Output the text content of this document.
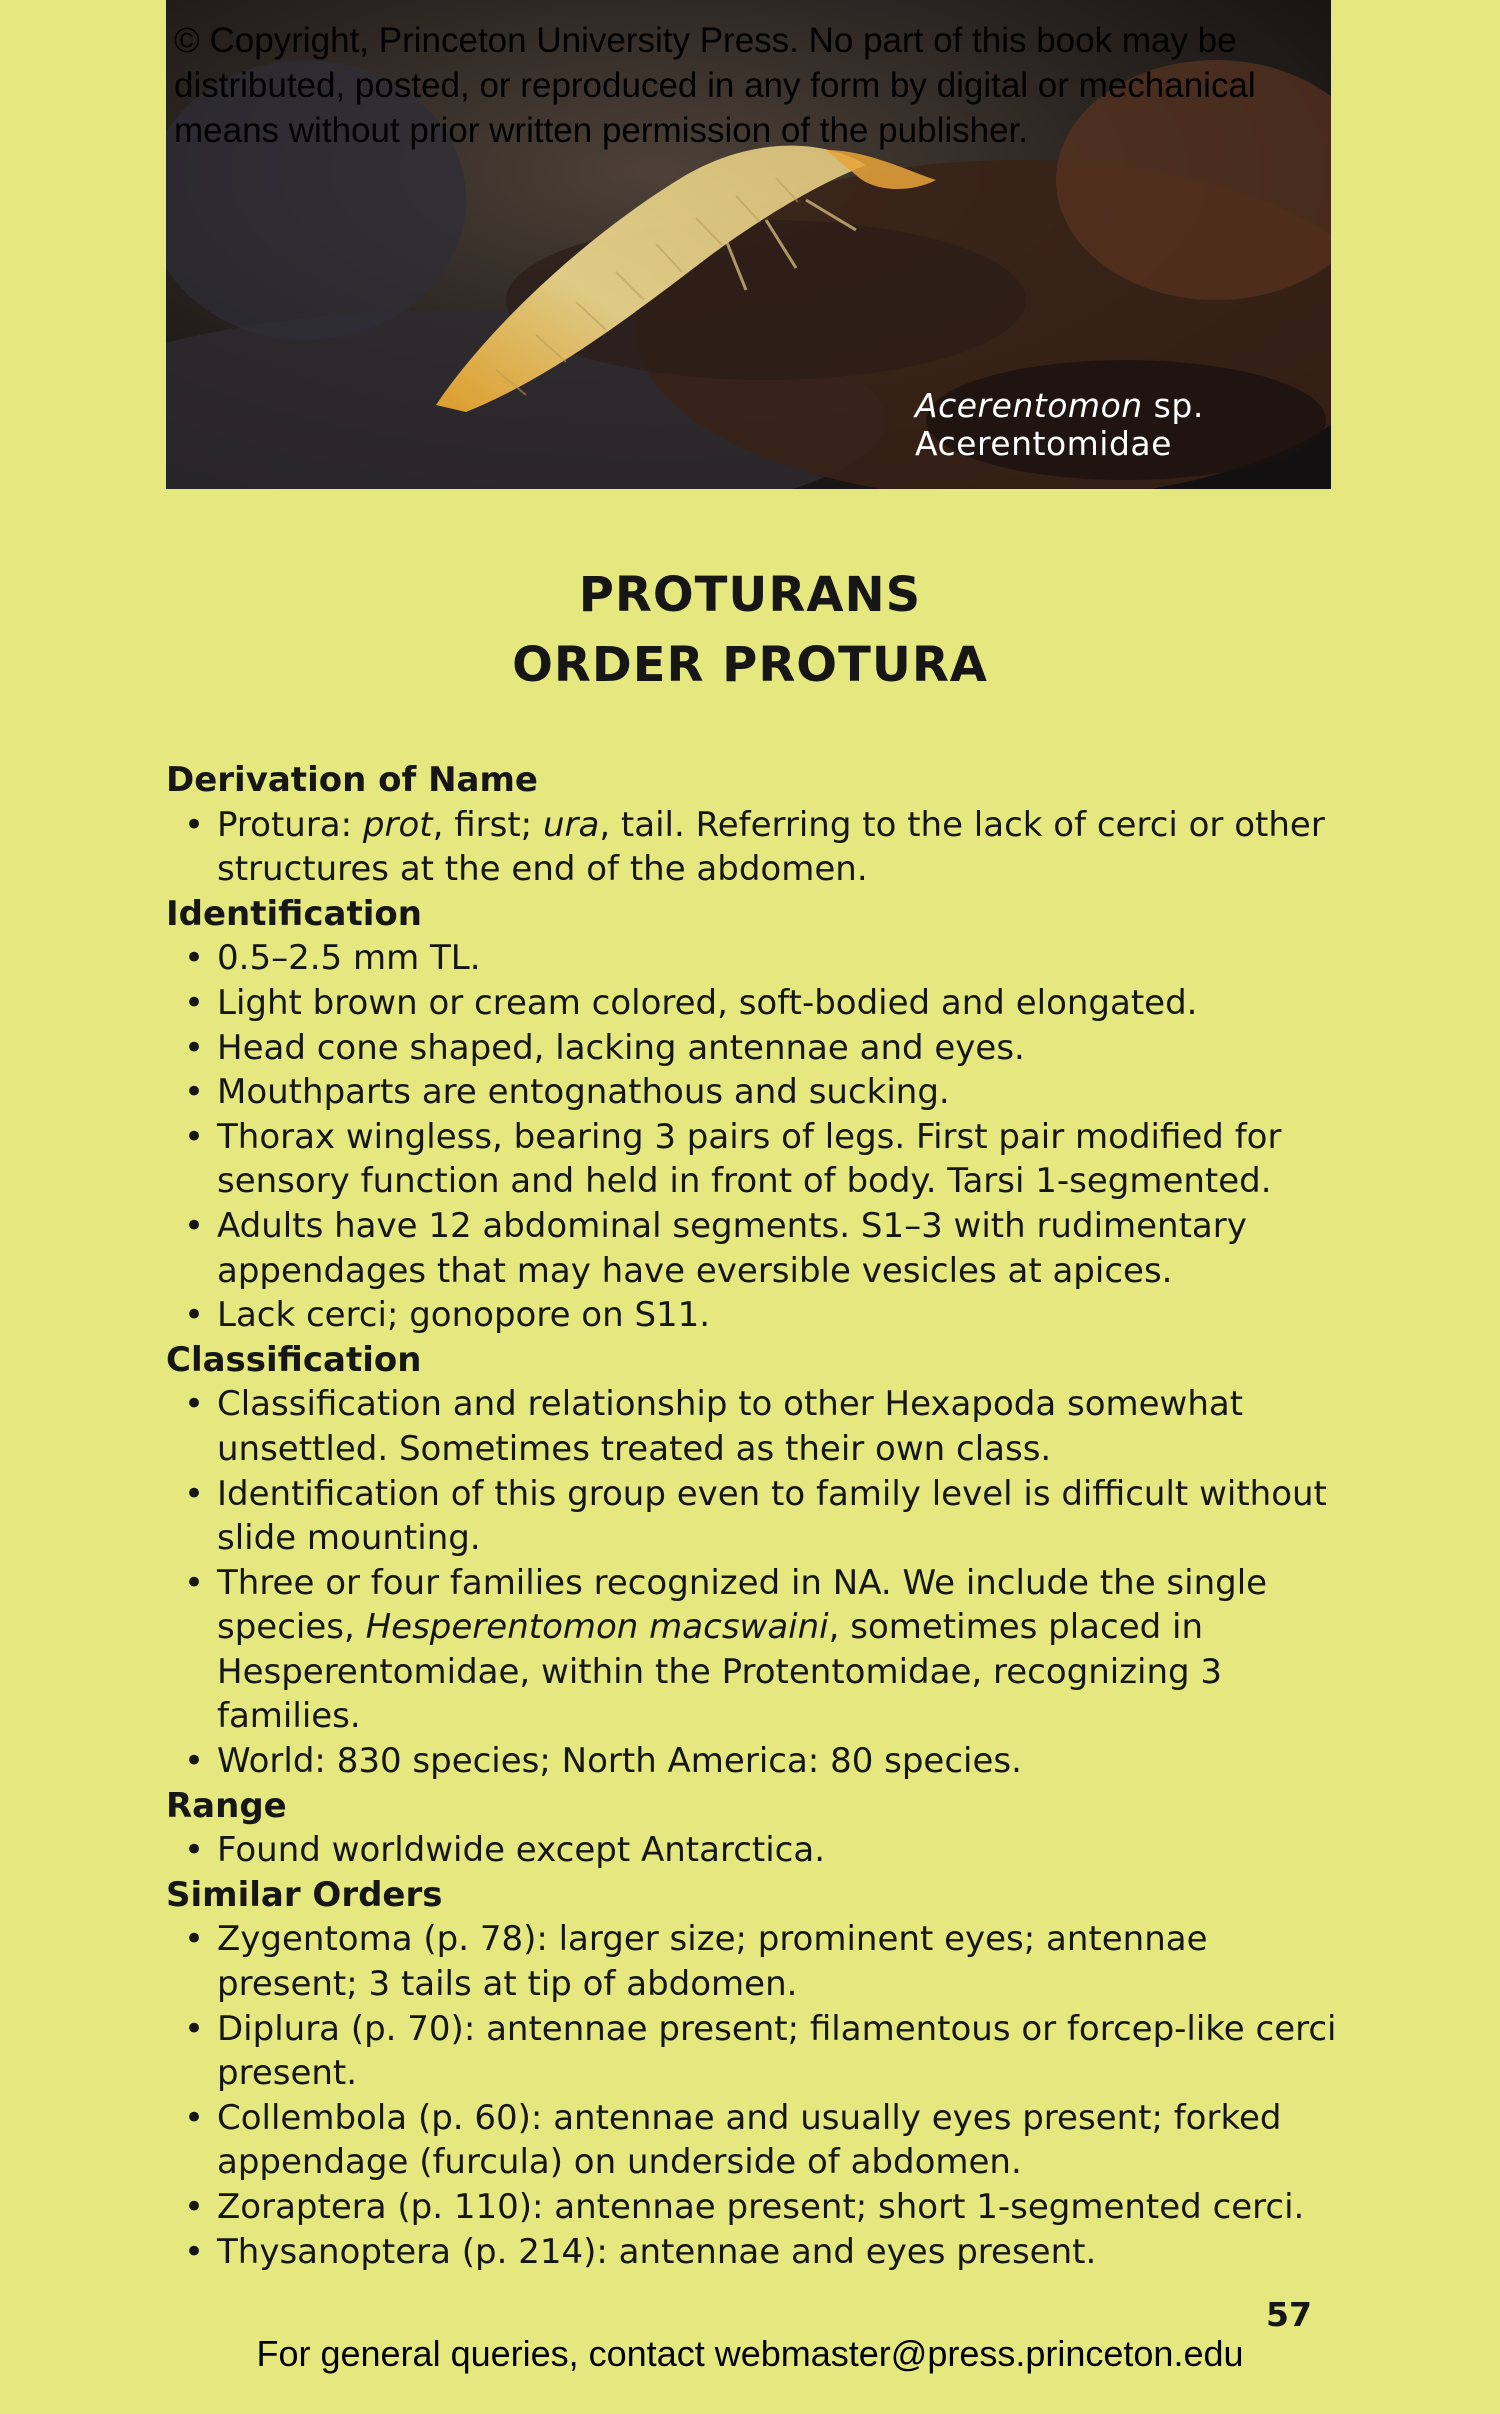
© Copyright, Princeton University Press. No part of this book may be distributed, posted, or reproduced in any form by digital or mechanical means without prior written permission of the publisher.
Acerentomon sp.
Acerentomidae
PROTURANS
ORDER PROTURA
Derivation of Name
• Protura: prot, first; ura, tail. Referring to the lack of cerci or other structures at the end of the abdomen.
Identification
• 0.5–2.5 mm TL.
• Light brown or cream colored, soft-bodied and elongated.
• Head cone shaped, lacking antennae and eyes.
• Mouthparts are entognathous and sucking.
• Thorax wingless, bearing 3 pairs of legs. First pair modified for sensory function and held in front of body. Tarsi 1-segmented.
• Adults have 12 abdominal segments. S1–3 with rudimentary appendages that may have eversible vesicles at apices.
• Lack cerci; gonopore on S11.
Classification
• Classification and relationship to other Hexapoda somewhat unsettled. Sometimes treated as their own class.
• Identification of this group even to family level is difficult without slide mounting.
• Three or four families recognized in NA. We include the single species, Hesperentomon macswaini, sometimes placed in Hesperentomidae, within the Protentomidae, recognizing 3 families.
• World: 830 species; North America: 80 species.
Range
• Found worldwide except Antarctica.
Similar Orders
• Zygentoma (p. 78): larger size; prominent eyes; antennae present; 3 tails at tip of abdomen.
• Diplura (p. 70): antennae present; filamentous or forcep-like cerci present.
• Collembola (p. 60): antennae and usually eyes present; forked appendage (furcula) on underside of abdomen.
• Zoraptera (p. 110): antennae present; short 1-segmented cerci.
• Thysanoptera (p. 214): antennae and eyes present.
57
For general queries, contact webmaster@press.princeton.edu
